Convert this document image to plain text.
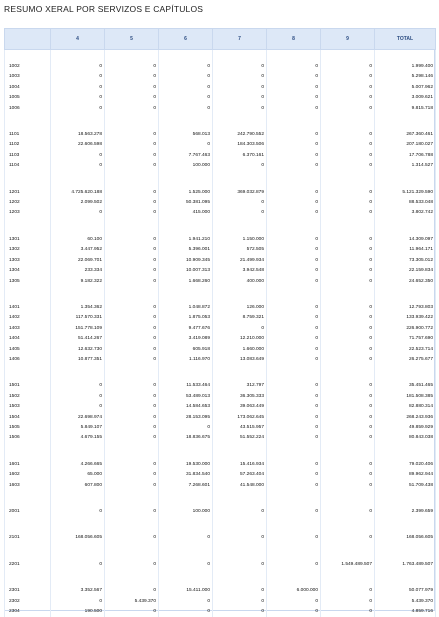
RESUMO XERAL POR SERVIZOS E CAPÍTULOS
	4	5	6	7	8	9	TOTAL

1002	0	0	0	0	0	0	1.999.400
1003	0	0	0	0	0	0	5.298.146
1004	0	0	0	0	0	0	5.007.962
1005	0	0	0	0	0	0	3.009.621
1006	0	0	0	0	0	0	9.815.718

1101	18.563.278	0	568.013	242.790.552	0	0	267.360.461
1102	22.606.598	0	0	184.303.506	0	0	207.180.027
1103	0	0	7.767.463	6.370.161	0	0	17.706.788
1104	0	0	100.000	0	0	0	1.314.527

1201	4.725.620.188	0	1.525.000	369.032.879	0	0	5.121.329.590
1202	2.099.502	0	50.381.095	0	0	0	88.533.048
1203	0	0	415.000	0	0	0	3.802.742

1301	60.100	0	1.941.210	1.150.000	0	0	14.309.097
1302	3.447.952	0	5.396.001	572.505	0	0	11.964.171
1303	22.069.701	0	10.909.345	21.499.934	0	0	73.305.012
1304	233.334	0	10.007.313	3.942.548	0	0	22.159.834
1305	9.182.322	0	1.668.260	400.000	0	0	24.652.350

1401	1.354.362	0	1.048.872	126.000	0	0	12.793.803
1402	117.570.331	0	1.875.053	8.759.321	0	0	133.939.422
1403	151.778.109	0	9.477.676	0	0	0	226.900.772
1404	51.414.267	0	3.419.089	12.210.000	0	0	71.757.690
1405	12.632.730	0	605.918	1.660.000	0	0	22.523.714
1406	10.877.351	0	1.116.970	13.083.649	0	0	26.275.677

1501	0	0	11.533.464	312.797	0	0	35.451.465
1502	0	0	53.489.013	36.305.333	0	0	181.508.385
1503	0	0	14.584.653	39.063.449	0	0	82.880.314
1504	22.698.974	0	28.153.095	173.062.645	0	0	268.243.936
1505	5.849.107	0	0	43.515.957	0	0	49.859.929
1506	4.679.155	0	18.836.675	51.552.224	0	0	80.843.038

1601	4.266.665	0	19.530.000	15.416.934	0	0	79.020.406
1602	65.000	0	31.834.540	57.263.404	0	0	89.962.944
1603	607.800	0	7.268.601	41.548.000	0	0	51.709.438

2001	0	0	100.000	0	0	0	2.399.659

2101	168.056.605	0	0	0	0	0	168.056.605

2201	0	0	0	0	0	1.549.489.507	1.763.489.507

2301	3.352.567	0	15.411.000	0	6.000.000	0	50.077.979
2302	0	5.439.370	0	0	0	0	5.439.370
2304	190.500	0	0	0	0	0	4.859.716
